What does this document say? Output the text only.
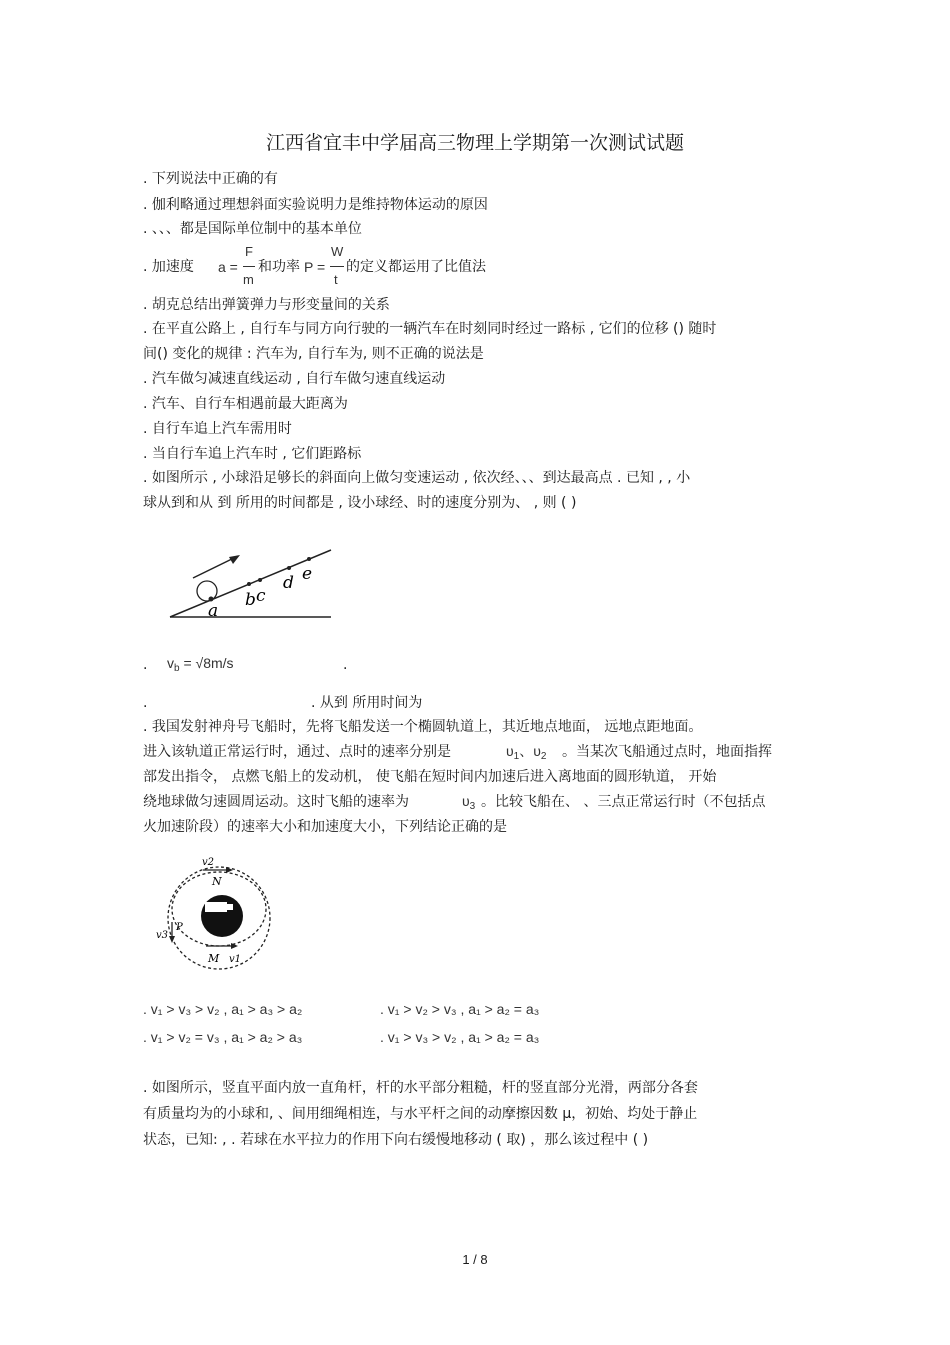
江西省宜丰中学届高三物理上学期第一次测试试题
. 下列说法中正确的有
. 伽利略通过理想斜面实验说明力是维持物体运动的原因
. 、、、都是国际单位制中的基本单位
. 加速度 a =
F
m
和功率 P =
W
t
的定义都运用了比值法
. 胡克总结出弹簧弹力与形变量间的关系
. 在平直公路上 , 自行车与同方向行驶的一辆汽车在时刻同时经过一路标 , 它们的位移 () 随时
间() 变化的规律 : 汽车为, 自行车为, 则不正确的说法是
. 汽车做匀减速直线运动 , 自行车做匀速直线运动
. 汽车、自行车相遇前最大距离为
. 自行车追上汽车需用时
. 当自行车追上汽车时 , 它们距路标
. 如图所示 , 小球沿足够长的斜面向上做匀变速运动 , 依次经、、、到达最高点 . 已知 , , 小
球从到和从 到 所用的时间都是 , 设小球经、时的速度分别为、 , 则 ( )
a
b c
d e
. $v_b = √8m/s$	.
.	. 从到 所用时间为
. 我国发射神舟号飞船时，先将飞船发送一个椭圆轨道上，其近地点地面， 远地点距地面。
进入该轨道正常运行时，通过、点时的速率分别是	$\upsilon_1$、$\upsilon_2$ 。当某次飞船通过点时，地面指挥
部发出指令， 点燃飞船上的发动机， 使飞船在短时间内加速后进入离地面的圆形轨道， 开始
绕地球做匀速圆周运动。这时飞船的速率为	$\upsilon_3$ 。比较飞船在、 、三点正常运行时（不包括点
火加速阶段）的速率大小和加速度大小，下列结论正确的是
v2
N
P
v3
M v1
. v₁ > v₃ > v₂ , a₁ > a₃ > a₂	. v₁ > v₂ > v₃ , a₁ > a₂ = a₃
. v₁ > v₂ = v₃ , a₁ > a₂ > a₃	. v₁ > v₃ > v₂ , a₁ > a₂ = a₃
. 如图所示，竖直平面内放一直角杆，杆的水平部分粗糙，杆的竖直部分光滑，两部分各套
有质量均为的小球和, 、间用细绳相连，与水平杆之间的动摩擦因数 μ，初始、均处于静止
状态，已知: , . 若球在水平拉力的作用下向右缓慢地移动 ( 取) ，那么该过程中 ( )
1 / 8
